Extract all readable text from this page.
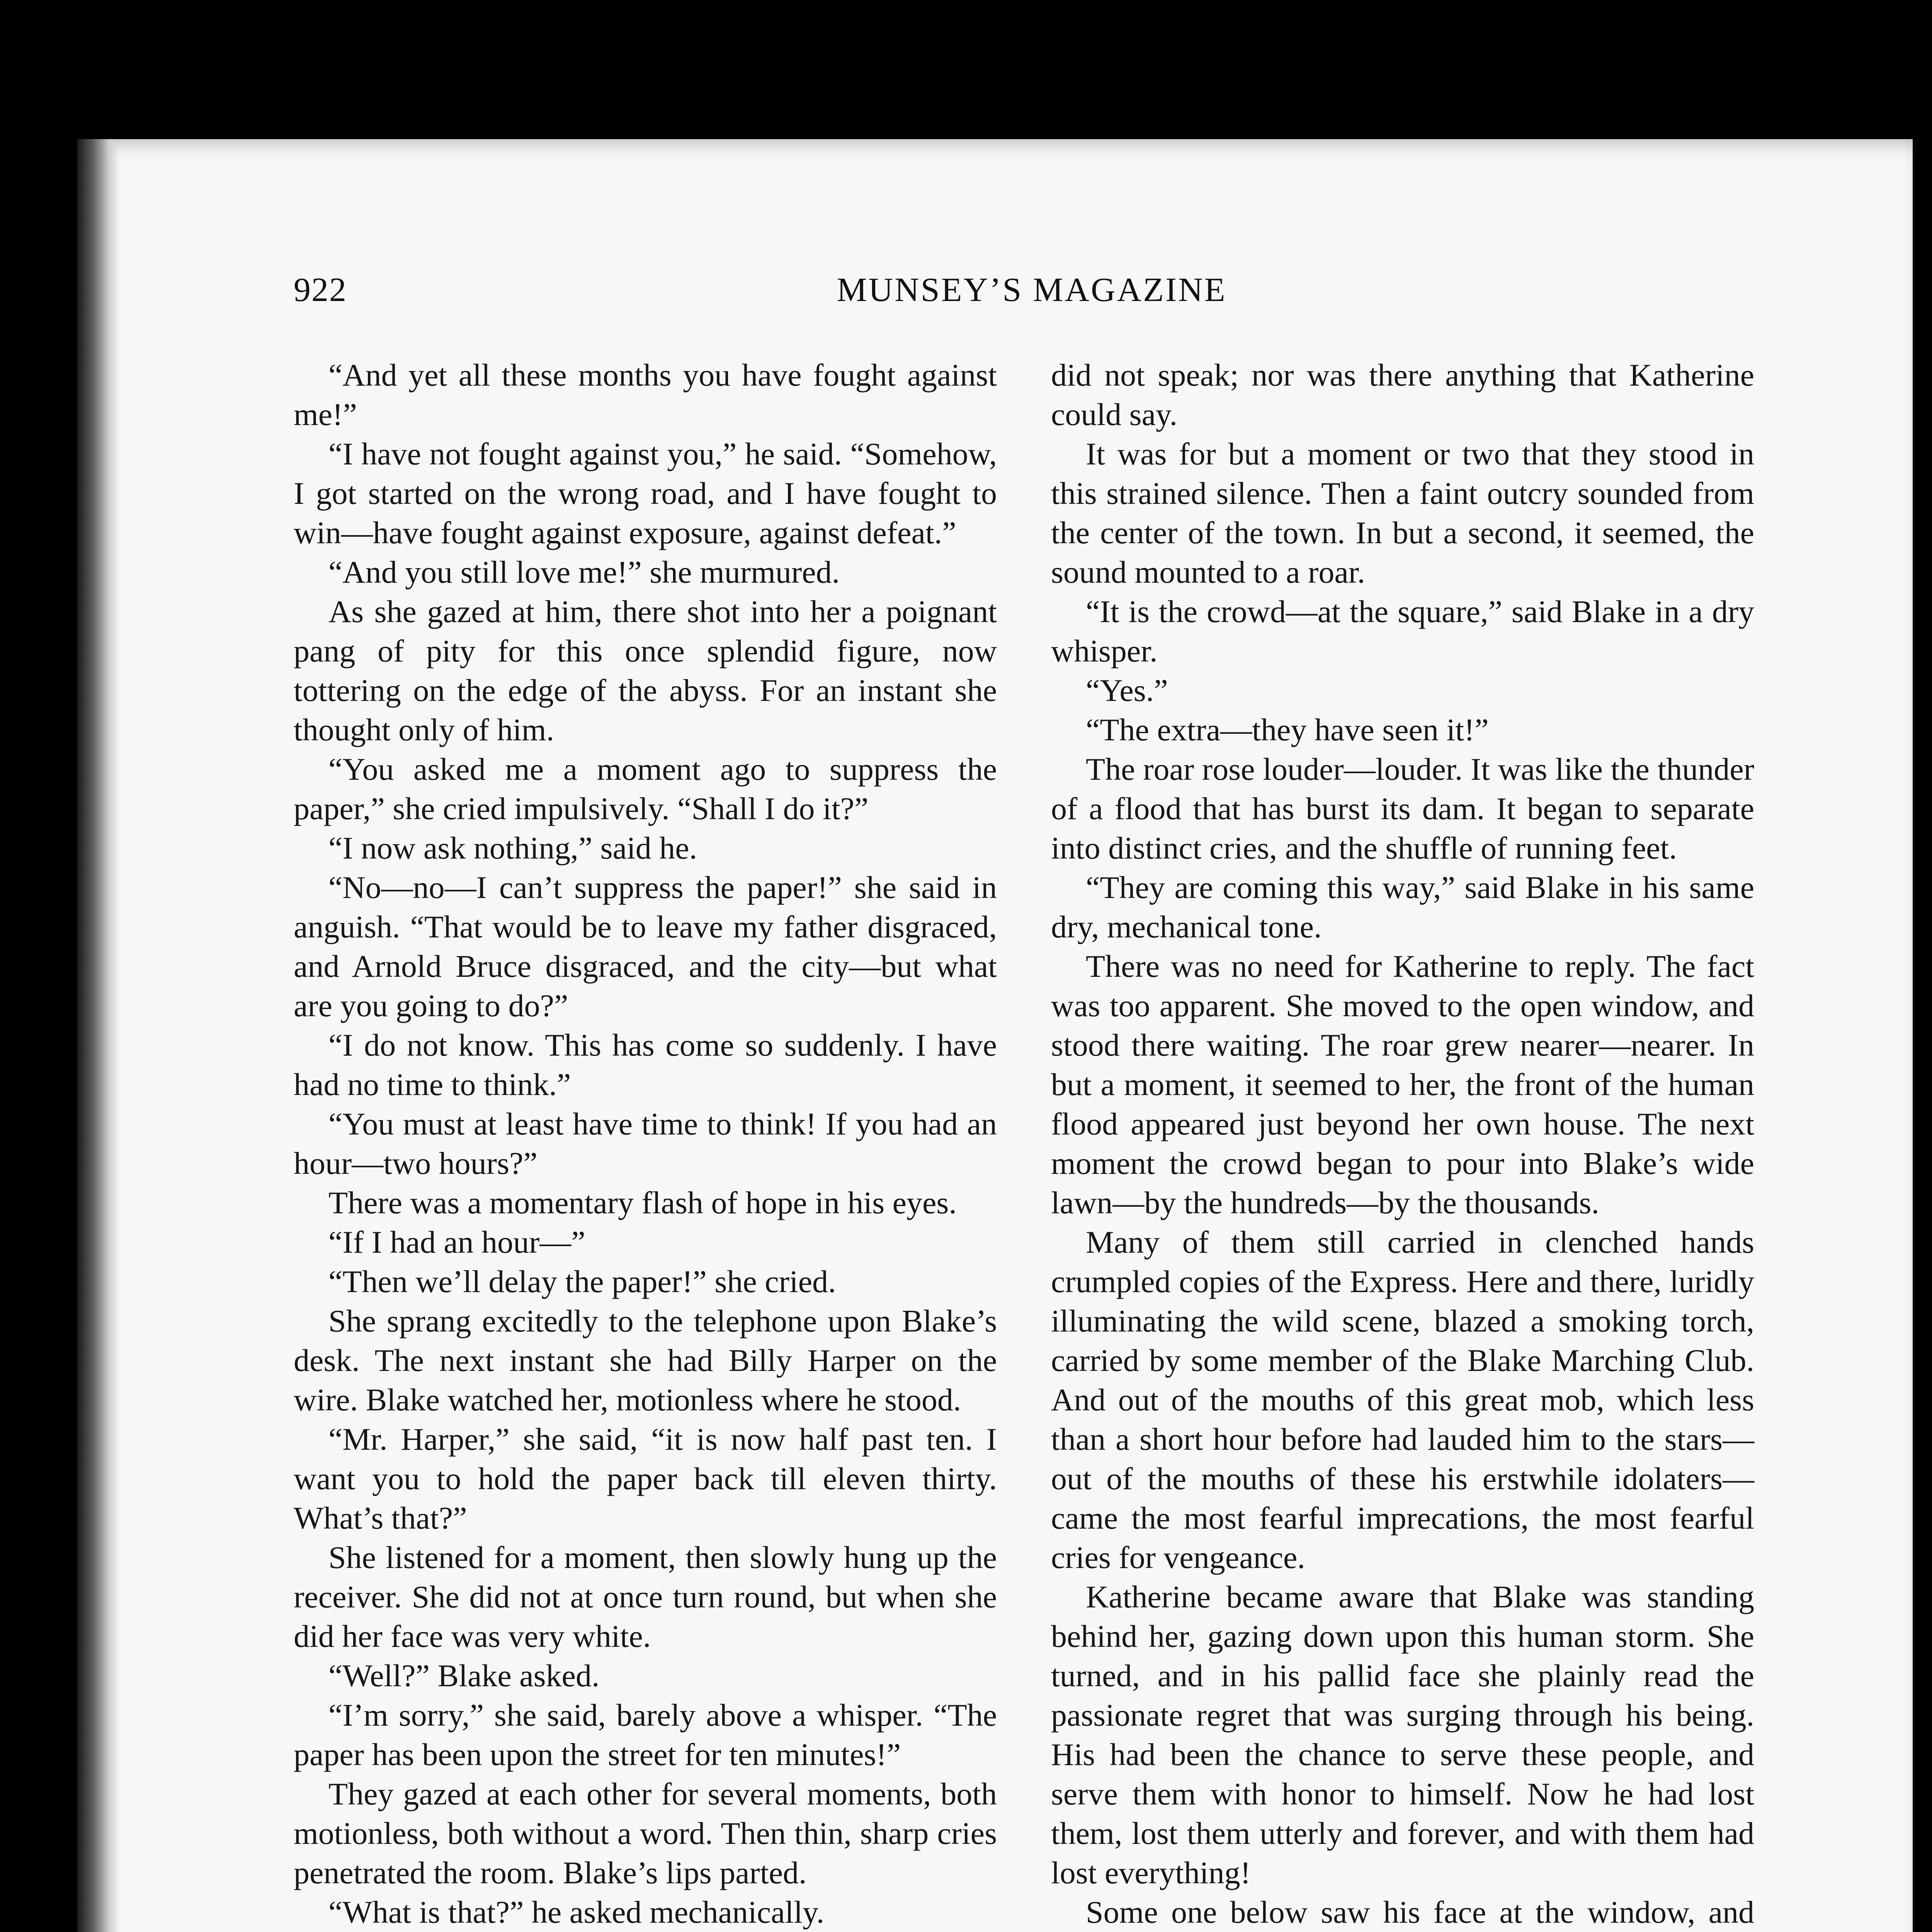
922	MUNSEY’S MAGAZINE

“And yet all these months you have fought against me!”

“I have not fought against you,” he said. “Somehow, I got started on the wrong road, and I have fought to win—have fought against exposure, against defeat.”

“And you still love me!” she murmured.

As she gazed at him, there shot into her a poignant pang of pity for this once splendid figure, now tottering on the edge of the abyss. For an instant she thought only of him.

“You asked me a moment ago to suppress the paper,” she cried impulsively. “Shall I do it?”

“I now ask nothing,” said he.

“No—no—I can’t suppress the paper!” she said in anguish. “That would be to leave my father disgraced, and Arnold Bruce disgraced, and the city—but what are you going to do?”

“I do not know. This has come so suddenly. I have had no time to think.”

“You must at least have time to think! If you had an hour—two hours?”

There was a momentary flash of hope in his eyes.

“If I had an hour—”

“Then we’ll delay the paper!” she cried.

She sprang excitedly to the telephone upon Blake’s desk. The next instant she had Billy Harper on the wire. Blake watched her, motionless where he stood.

“Mr. Harper,” she said, “it is now half past ten. I want you to hold the paper back till eleven thirty. What’s that?”

She listened for a moment, then slowly hung up the receiver. She did not at once turn round, but when she did her face was very white.

“Well?” Blake asked.

“I’m sorry,” she said, barely above a whisper. “The paper has been upon the street for ten minutes!”

They gazed at each other for several moments, both motionless, both without a word. Then thin, sharp cries penetrated the room. Blake’s lips parted.

“What is that?” he asked mechanically.

did not speak; nor was there anything that Katherine could say.

It was for but a moment or two that they stood in this strained silence. Then a faint outcry sounded from the center of the town. In but a second, it seemed, the sound mounted to a roar.

“It is the crowd—at the square,” said Blake in a dry whisper.

“Yes.”

“The extra—they have seen it!”

The roar rose louder—louder. It was like the thunder of a flood that has burst its dam. It began to separate into distinct cries, and the shuffle of running feet.

“They are coming this way,” said Blake in his same dry, mechanical tone.

There was no need for Katherine to reply. The fact was too apparent. She moved to the open window, and stood there waiting. The roar grew nearer—nearer. In but a moment, it seemed to her, the front of the human flood appeared just beyond her own house. The next moment the crowd began to pour into Blake’s wide lawn—by the hundreds—by the thousands.

Many of them still carried in clenched hands crumpled copies of the Express. Here and there, luridly illuminating the wild scene, blazed a smoking torch, carried by some member of the Blake Marching Club. And out of the mouths of this great mob, which less than a short hour before had lauded him to the stars—out of the mouths of these his erstwhile idolaters—came the most fearful imprecations, the most fearful cries for vengeance.

Katherine became aware that Blake was standing behind her, gazing down upon this human storm. She turned, and in his pallid face she plainly read the passionate regret that was surging through his being. His had been the chance to serve these people, and serve them with honor to himself. Now he had lost them, lost them utterly and forever, and with them had lost everything!

Some one below saw his face at the window, and
